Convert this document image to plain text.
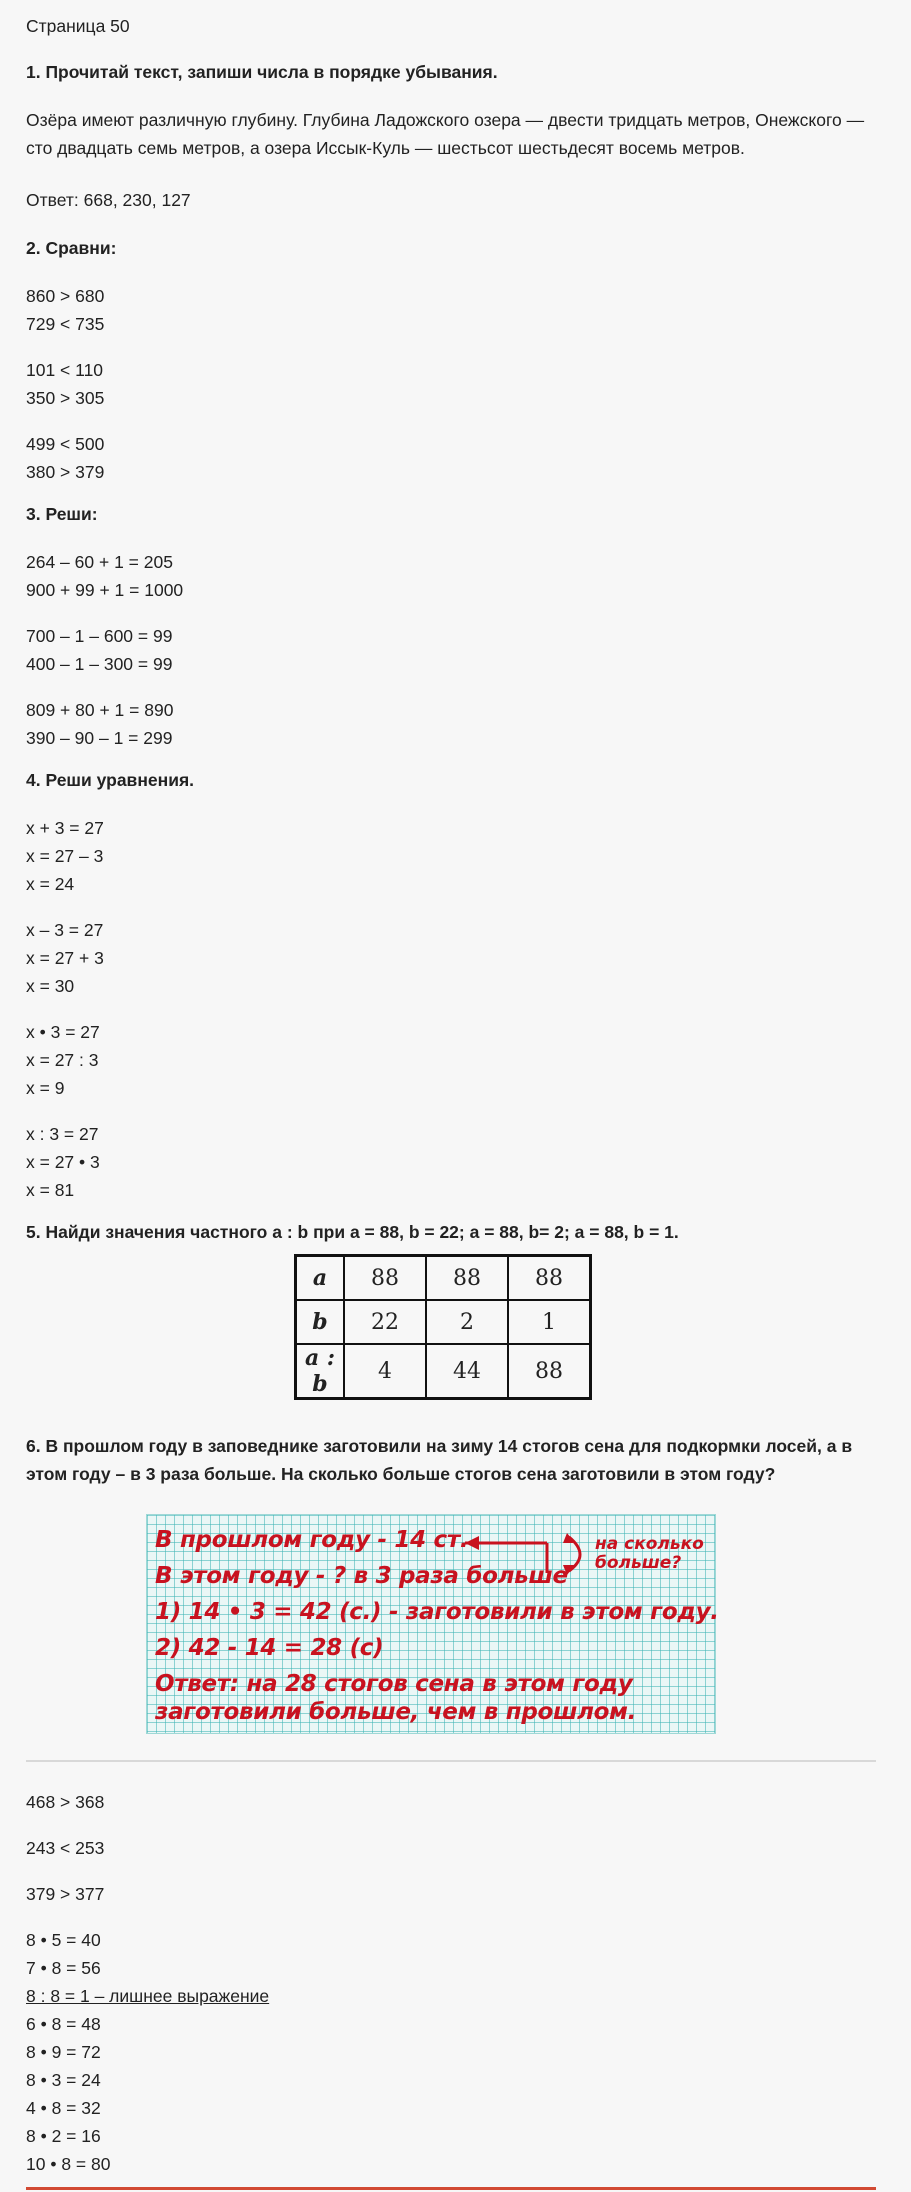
Страница 50
1. Прочитай текст, запиши числа в порядке убывания.
Озёра имеют различную глубину. Глубина Ладожского озера — двести тридцать метров, Онежского — сто двадцать семь метров, а озера Иссык-Куль — шестьсот шестьдесят восемь метров.
Ответ: 668, 230, 127
2. Сравни:
860 > 680
729 < 735
101 < 110
350 > 305
499 < 500
380 > 379
3. Реши:
264 – 60 + 1 = 205
900 + 99 + 1 = 1000
700 – 1 – 600 = 99
400 – 1 – 300 = 99
809 + 80 + 1 = 890
390 – 90 – 1 = 299
4. Реши уравнения.
x + 3 = 27
x = 27 – 3
x = 24
x – 3 = 27
x = 27 + 3
x = 30
x • 3 = 27
x = 27 : 3
x = 9
x : 3 = 27
x = 27 • 3
x = 81
5. Найди значения частного a : b при a = 88, b = 22; a = 88, b= 2; a = 88, b = 1.
a	88	88	88
b	22	2	1
a : b	4	44	88
6. В прошлом году в заповеднике заготовили на зиму 14 стогов сена для подкормки лосей, а в
этом году – в 3 раза больше. На сколько больше стогов сена заготовили в этом году?
В прошлом году - 14 ст.
В этом году - ? в 3 раза больше
1) 14 • 3 = 42 (с.) - заготовили в этом году.
2) 42 - 14 = 28 (с)
Ответ: на 28 стогов сена в этом году
заготовили больше, чем в прошлом.
на сколько
больше?
468 > 368
243 < 253
379 > 377
8 • 5 = 40
7 • 8 = 56
8 : 8 = 1 – лишнее выражение
6 • 8 = 48
8 • 9 = 72
8 • 3 = 24
4 • 8 = 32
8 • 2 = 16
10 • 8 = 80
